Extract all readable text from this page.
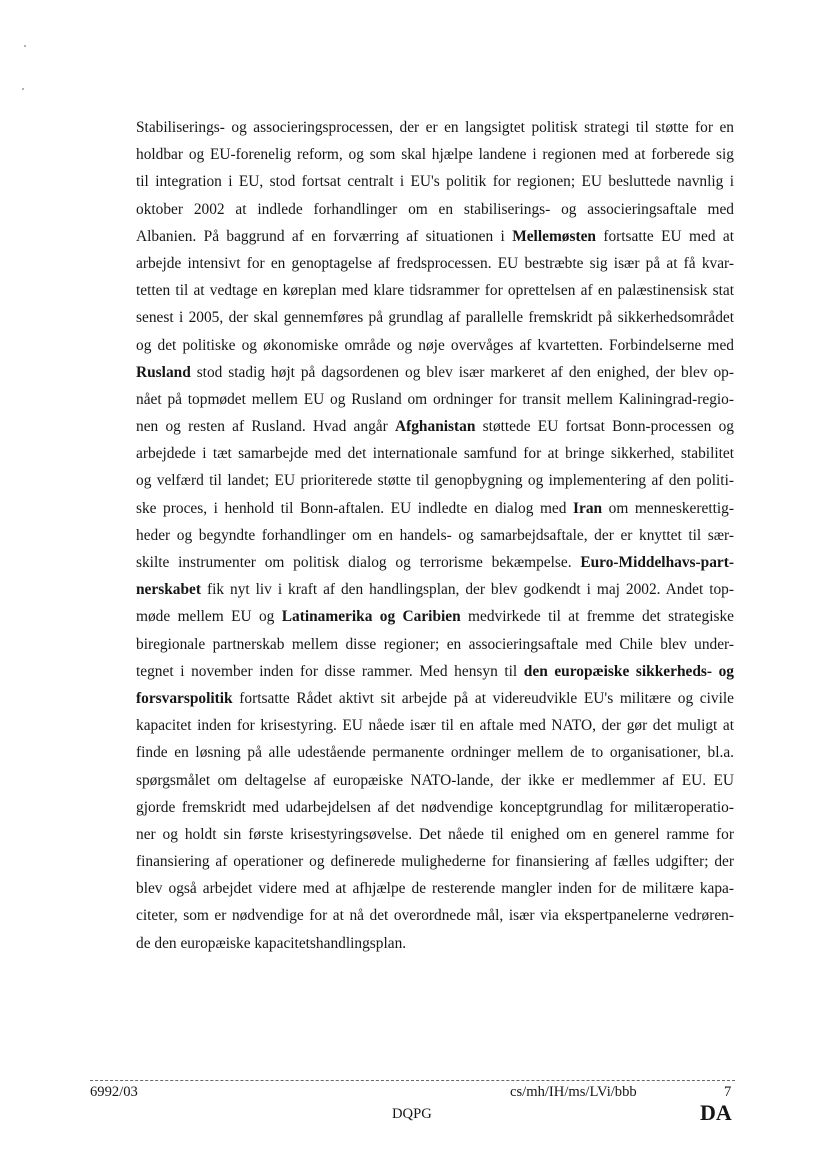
Stabiliserings- og associeringsprocessen, der er en langsigtet politisk strategi til støtte for en
holdbar og EU-forenelig reform, og som skal hjælpe landene i regionen med at forberede sig
til integration i EU, stod fortsat centralt i EU's politik for regionen; EU besluttede navnlig i
oktober 2002 at indlede forhandlinger om en stabiliserings- og associeringsaftale med
Albanien. På baggrund af en forværring af situationen i Mellemøsten fortsatte EU med at
arbejde intensivt for en genoptagelse af fredsprocessen. EU bestræbte sig især på at få kvar-
tetten til at vedtage en køreplan med klare tidsrammer for oprettelsen af en palæstinensisk stat
senest i 2005, der skal gennemføres på grundlag af parallelle fremskridt på sikkerhedsområdet
og det politiske og økonomiske område og nøje overvåges af kvartetten. Forbindelserne med
Rusland stod stadig højt på dagsordenen og blev især markeret af den enighed, der blev op-
nået på topmødet mellem EU og Rusland om ordninger for transit mellem Kaliningrad-regio-
nen og resten af Rusland. Hvad angår Afghanistan støttede EU fortsat Bonn-processen og
arbejdede i tæt samarbejde med det internationale samfund for at bringe sikkerhed, stabilitet
og velfærd til landet; EU prioriterede støtte til genopbygning og implementering af den politi-
ske proces, i henhold til Bonn-aftalen. EU indledte en dialog med Iran om menneskerettig-
heder og begyndte forhandlinger om en handels- og samarbejdsaftale, der er knyttet til sær-
skilte instrumenter om politisk dialog og terrorisme bekæmpelse. Euro-Middelhavs-part-
nerskabet fik nyt liv i kraft af den handlingsplan, der blev godkendt i maj 2002. Andet top-
møde mellem EU og Latinamerika og Caribien medvirkede til at fremme det strategiske
biregionale partnerskab mellem disse regioner; en associeringsaftale med Chile blev under-
tegnet i november inden for disse rammer. Med hensyn til den europæiske sikkerheds- og
forsvarspolitik fortsatte Rådet aktivt sit arbejde på at videreudvikle EU's militære og civile
kapacitet inden for krisestyring. EU nåede især til en aftale med NATO, der gør det muligt at
finde en løsning på alle udestående permanente ordninger mellem de to organisationer, bl.a.
spørgsmålet om deltagelse af europæiske NATO-lande, der ikke er medlemmer af EU. EU
gjorde fremskridt med udarbejdelsen af det nødvendige konceptgrundlag for militæroperatio-
ner og holdt sin første krisestyringsøvelse. Det nåede til enighed om en generel ramme for
finansiering af operationer og definerede mulighederne for finansiering af fælles udgifter; der
blev også arbejdet videre med at afhjælpe de resterende mangler inden for de militære kapa-
citeter, som er nødvendige for at nå det overordnede mål, især via ekspertpanelerne vedrøren-
de den europæiske kapacitetshandlingsplan.
6992/03	cs/mh/IH/ms/LVi/bbb	7
DQPG	DA
